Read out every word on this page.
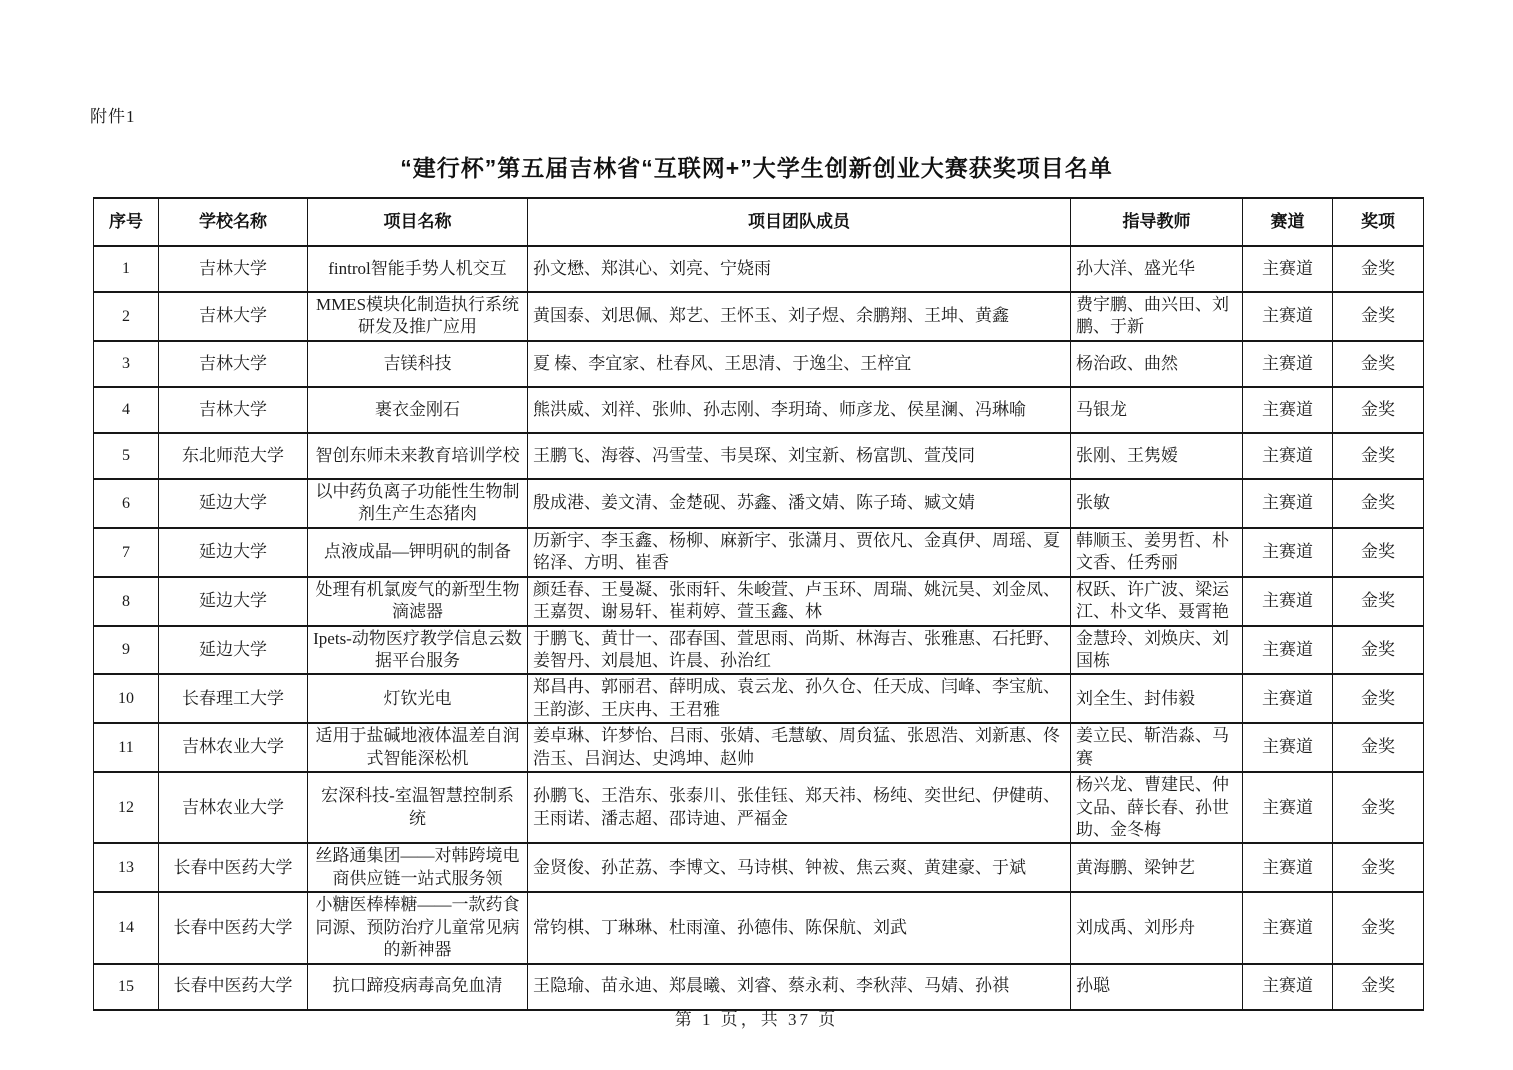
附件1
“建行杯”第五届吉林省“互联网+”大学生创新创业大赛获奖项目名单
序号	学校名称	项目名称	项目团队成员	指导教师	赛道	奖项
1	吉林大学	fintrol智能手势人机交互	孙文懋、郑淇心、刘亮、宁娆雨	孙大洋、盛光华	主赛道	金奖
2	吉林大学	MMES模块化制造执行系统研发及推广应用	黄国泰、刘思佩、郑艺、王怀玉、刘子煜、余鹏翔、王坤、黄鑫	费宇鹏、曲兴田、刘鹏、于新	主赛道	金奖
3	吉林大学	吉镁科技	夏 榛、李宜家、杜春风、王思清、于逸尘、王梓宜	杨治政、曲然	主赛道	金奖
4	吉林大学	裹衣金刚石	熊洪威、刘祥、张帅、孙志刚、李玥琦、师彦龙、侯星澜、冯琳喻	马银龙	主赛道	金奖
5	东北师范大学	智创东师未来教育培训学校	王鹏飞、海蓉、冯雪莹、韦昊琛、刘宝新、杨富凯、萱茂同	张刚、王隽嫒	主赛道	金奖
6	延边大学	以中药负离子功能性生物制剂生产生态猪肉	殷成港、姜文清、金楚砚、苏鑫、潘文婧、陈子琦、臧文婧	张敏	主赛道	金奖
7	延边大学	点液成晶—钾明矾的制备	历新宇、李玉鑫、杨柳、麻新宇、张潇月、贾依凡、金真伊、周瑶、夏铭泽、方明、崔香	韩顺玉、姜男哲、朴文香、任秀丽	主赛道	金奖
8	延边大学	处理有机氯废气的新型生物滴滤器	颜廷春、王曼凝、张雨轩、朱峻萱、卢玉环、周瑞、姚沅昊、刘金凤、王嘉贺、谢易轩、崔莉婷、萱玉鑫、林	权跃、许广波、梁运江、朴文华、聂霄艳	主赛道	金奖
9	延边大学	Ipets-动物医疗教学信息云数据平台服务	于鹏飞、黄廿一、邵春国、萱思雨、尚斯、林海吉、张雅惠、石托野、姜智丹、刘晨旭、许晨、孙治红	金慧玲、刘焕庆、刘国栋	主赛道	金奖
10	长春理工大学	灯钦光电	郑昌冉、郭丽君、薛明成、袁云龙、孙久仓、任天成、闫峰、李宝航、王韵澎、王庆冉、王君雅	刘全生、封伟毅	主赛道	金奖
11	吉林农业大学	适用于盐碱地液体温差自润式智能深松机	姜卓琳、许梦怡、吕雨、张婧、毛慧敏、周贠猛、张恩浩、刘新惠、佟浩玉、吕润达、史鸿坤、赵帅	姜立民、靳浩淼、马赛	主赛道	金奖
12	吉林农业大学	宏深科技-室温智慧控制系统	孙鹏飞、王浩东、张泰川、张佳钰、郑天祎、杨纯、奕世纪、伊健萌、王雨诺、潘志超、邵诗迪、严福金	杨兴龙、曹建民、仲文品、薛长春、孙世助、金冬梅	主赛道	金奖
13	长春中医药大学	丝路通集团——对韩跨境电商供应链一站式服务领	金贤俊、孙芷荔、李博文、马诗棋、钟袚、焦云爽、黄建豪、于斌	黄海鹏、梁钟艺	主赛道	金奖
14	长春中医药大学	小糖医棒棒糖——一款药食同源、预防治疗儿童常见病的新神器	常钧棋、丁琳琳、杜雨潼、孙德伟、陈保航、刘武	刘成禹、刘彤舟	主赛道	金奖
15	长春中医药大学	抗口蹄疫病毒高免血清	王隐瑜、苗永迪、郑晨曦、刘睿、蔡永莉、李秋萍、马婧、孙祺	孙聪	主赛道	金奖
第 1 页，共 37 页
